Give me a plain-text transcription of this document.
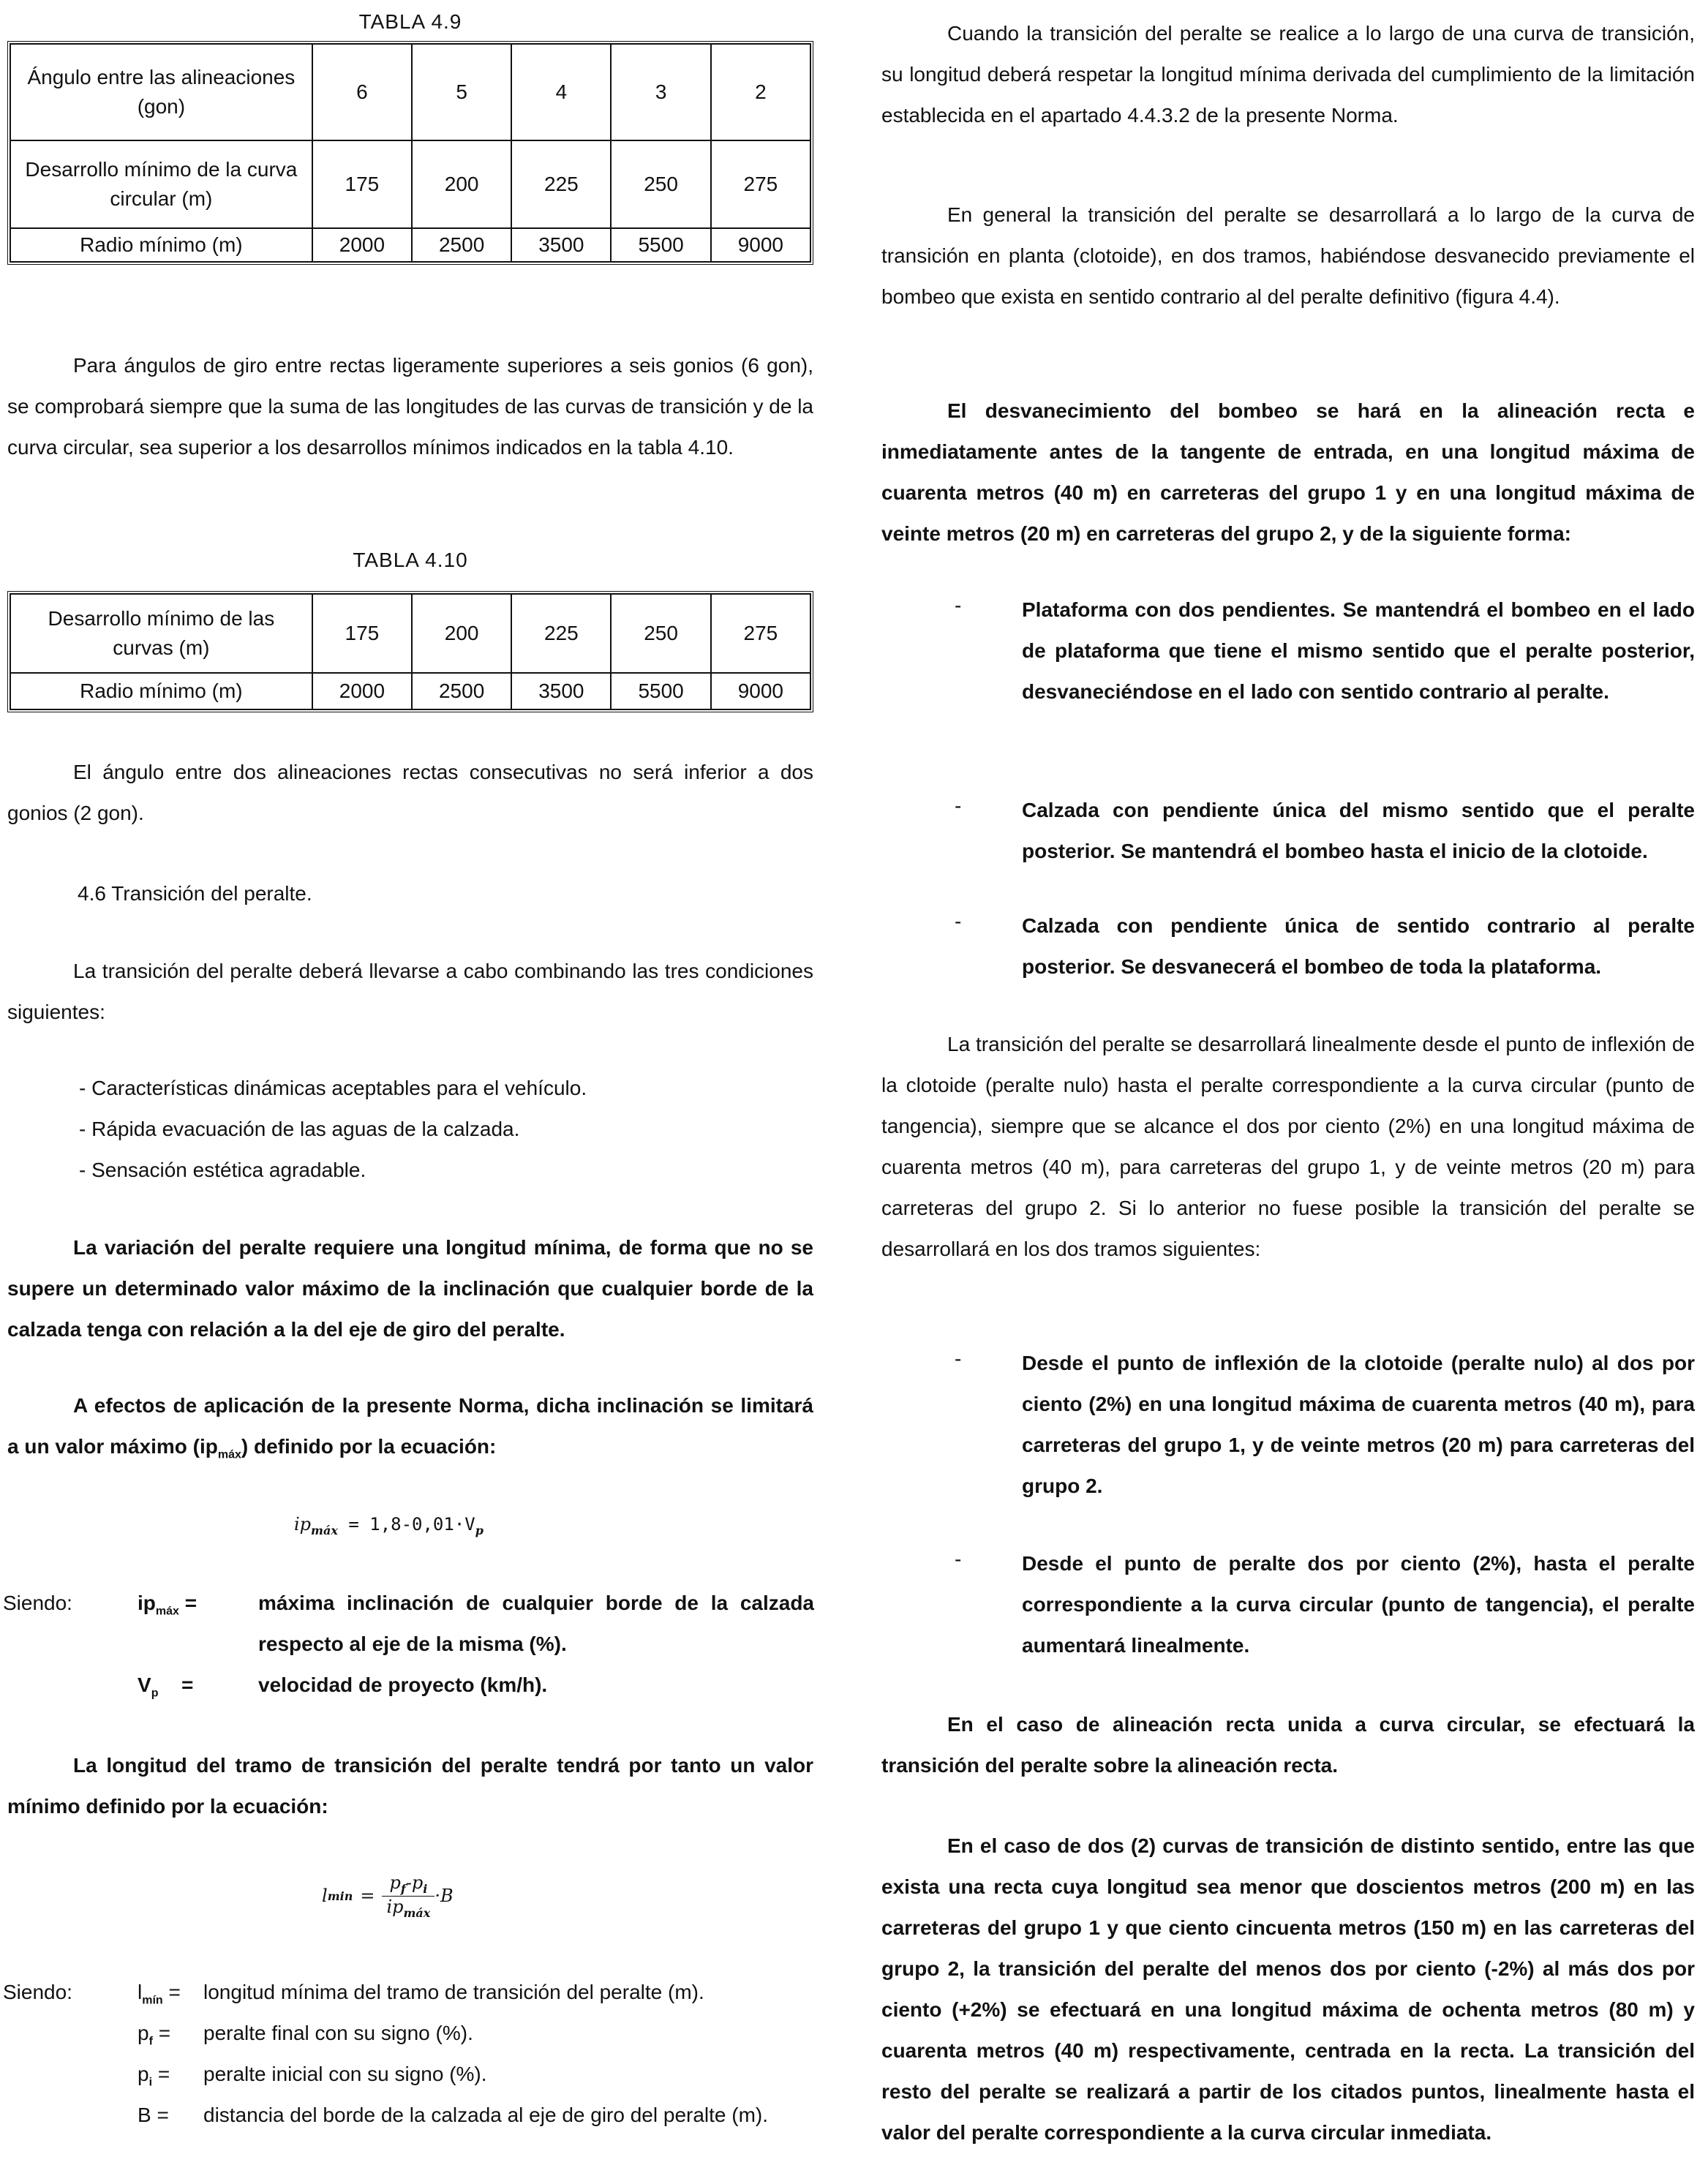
TABLA 4.9
Ángulo entre las alineaciones (gon)	6	5	4	3	2
Desarrollo mínimo de la curva circular (m)	175	200	225	250	275
Radio mínimo (m)	2000	2500	3500	5500	9000

Para ángulos de giro entre rectas ligeramente superiores a seis gonios (6 gon), se comprobará siempre que la suma de las longitudes de las curvas de transición y de la curva circular, sea superior a los desarrollos mínimos indicados en la tabla 4.10.

TABLA 4.10
Desarrollo mínimo de las curvas (m)	175	200	225	250	275
Radio mínimo (m)	2000	2500	3500	5500	9000

El ángulo entre dos alineaciones rectas consecutivas no será inferior a dos gonios (2 gon).

4.6 Transición del peralte.

La transición del peralte deberá llevarse a cabo combinando las tres condiciones siguientes:

- Características dinámicas aceptables para el vehículo.
- Rápida evacuación de las aguas de la calzada.
- Sensación estética agradable.

La variación del peralte requiere una longitud mínima, de forma que no se supere un determinado valor máximo de la inclinación que cualquier borde de la calzada tenga con relación a la del eje de giro del peralte.

A efectos de aplicación de la presente Norma, dicha inclinación se limitará a un valor máximo $(ip_{máx})$ definido por la ecuación:

$ip_{máx} = 1,8-0,01\cdot V_p$
Siendo:	$ip_{máx}$ =	máxima inclinación de cualquier borde de la calzada respecto al eje de la misma (%).

$V_p$ =	velocidad de proyecto (km/h).

La longitud del tramo de transición del peralte tendrá por tanto un valor mínimo definido por la ecuación:

l $\min = \frac{p_f-p_i}{ip_{máx}} \cdot B$
Siendo:	$l_{mín}$ = longitud mínima del tramo de transición del peralte (m).
$p_f$ = peralte final con su signo (%).
$p_i$ = peralte inicial con su signo (%).
B = distancia del borde de la calzada al eje de giro del peralte (m).

Cuando la transición del peralte se realice a lo largo de una curva de transición, su longitud deberá respetar la longitud mínima derivada del cumplimiento de la limitación establecida en el apartado 4.4.3.2 de la presente Norma.

En general la transición del peralte se desarrollará a lo largo de la curva de transición en planta (clotoide), en dos tramos, habiéndose desvanecido previamente el bombeo que exista en sentido contrario al del peralte definitivo (figura 4.4).

El desvanecimiento del bombeo se hará en la alineación recta e inmediatamente antes de la tangente de entrada, en una longitud máxima de cuarenta metros (40 m) en carreteras del grupo 1 y en una longitud máxima de veinte metros (20 m) en carreteras del grupo 2, y de la siguiente forma:

-	Plataforma con dos pendientes. Se mantendrá el bombeo en el lado de plataforma que tiene el mismo sentido que el peralte posterior, desvaneciéndose en el lado con sentido contrario al peralte.

-	Calzada con pendiente única del mismo sentido que el peralte posterior. Se mantendrá el bombeo hasta el inicio de la clotoide.

-	Calzada con pendiente única de sentido contrario al peralte posterior. Se desvanecerá el bombeo de toda la plataforma.

La transición del peralte se desarrollará linealmente desde el punto de inflexión de la clotoide (peralte nulo) hasta el peralte correspondiente a la curva circular (punto de tangencia), siempre que se alcance el dos por ciento (2%) en una longitud máxima de cuarenta metros (40 m), para carreteras del grupo 1, y de veinte metros (20 m) para carreteras del grupo 2. Si lo anterior no fuese posible la transición del peralte se desarrollará en los dos tramos siguientes:

-	Desde el punto de inflexión de la clotoide (peralte nulo) al dos por ciento (2%) en una longitud máxima de cuarenta metros (40 m), para carreteras del grupo 1, y de veinte metros (20 m) para carreteras del grupo 2.

-	Desde el punto de peralte dos por ciento (2%), hasta el peralte correspondiente a la curva circular (punto de tangencia), el peralte aumentará linealmente.

En el caso de alineación recta unida a curva circular, se efectuará la transición del peralte sobre la alineación recta.

En el caso de dos (2) curvas de transición de distinto sentido, entre las que exista una recta cuya longitud sea menor que doscientos metros (200 m) en las carreteras del grupo 1 y que ciento cincuenta metros (150 m) en las carreteras del grupo 2, la transición del peralte del menos dos por ciento (-2%) al más dos por ciento (+2%) se efectuará en una longitud máxima de ochenta metros (80 m) y cuarenta metros (40 m) respectivamente, centrada en la recta. La transición del resto del peralte se realizará a partir de los citados puntos, linealmente hasta el valor del peralte correspondiente a la curva circular inmediata.
